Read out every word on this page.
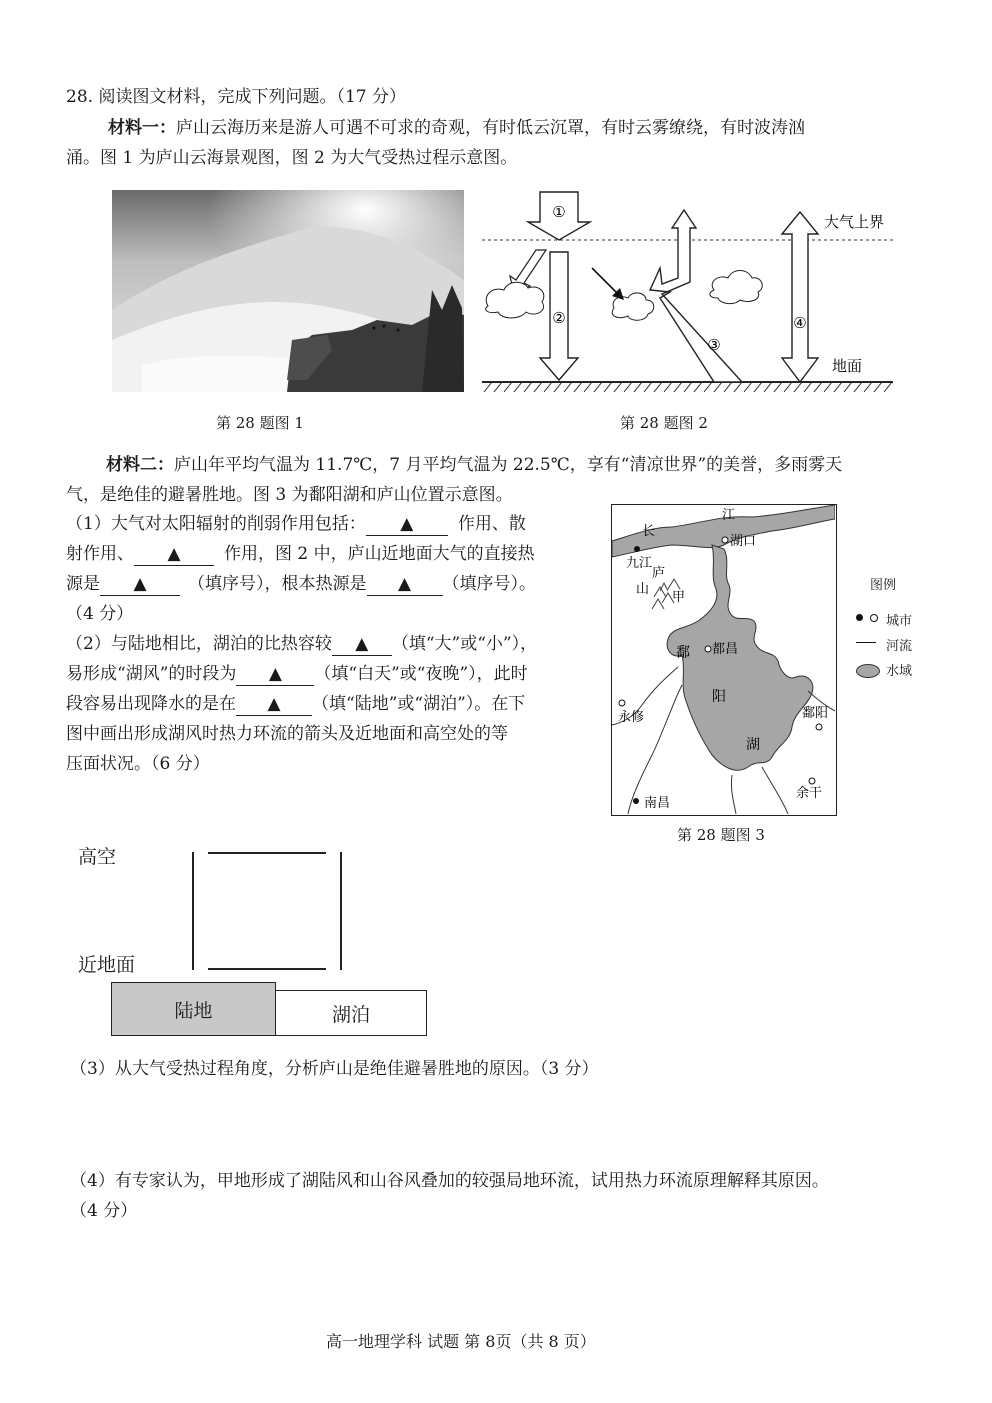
28. 阅读图文材料，完成下列问题。（17 分）
材料一：庐山云海历来是游人可遇不可求的奇观，有时低云沉罩，有时云雾缭绕，有时波涛汹
涌。图 1 为庐山云海景观图，图 2 为大气受热过程示意图。
第 28 题图 1
①
②
③
④
大气上界
地面
第 28 题图 2
材料二：庐山年平均气温为 11.7℃，7 月平均气温为 22.5℃，享有“清凉世界”的美誉，多雨雾天
气，是绝佳的避暑胜地。图 3 为鄱阳湖和庐山位置示意图。
（1）大气对太阳辐射的削弱作用包括： ▲	作用、散
射作用、 ▲	作用，图 2 中，庐山近地面大气的直接热
源是 ▲ （填序号），根本热源是 ▲ （填序号）。
（4 分）
（2）与陆地相比，湖泊的比热容较 ▲ （填“大”或“小”），
易形成“湖风”的时段为 ▲ （填“白天”或“夜晚”），此时
段容易出现降水的是在 ▲ （填“陆地”或“湖泊”）。在下
图中画出形成湖风时热力环流的箭头及近地面和高空处的等
压面状况。（6 分）
长
江
湖口
九江
庐
山
甲
都昌
鄱
阳
湖
永修	鄱阳
余干
南昌
图例
城市
河流
水域
第 28 题图 3
高空
近地面
陆地	湖泊
（3）从大气受热过程角度，分析庐山是绝佳避暑胜地的原因。（3 分）
（4）有专家认为，甲地形成了湖陆风和山谷风叠加的较强局地环流，试用热力环流原理解释其原因。
（4 分）
高一地理学科 试题 第 8页（共 8 页）
